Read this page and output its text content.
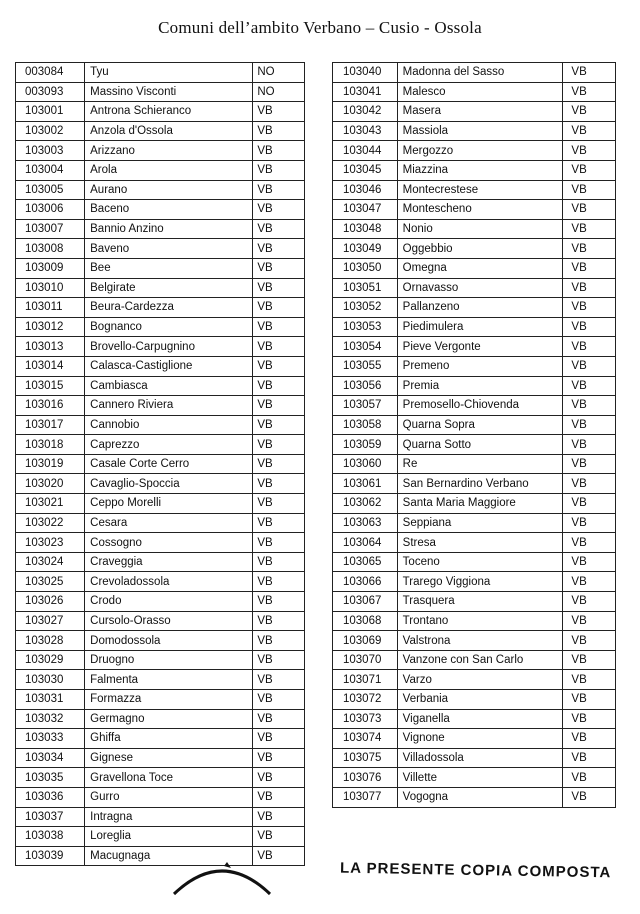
Comuni dell’ambito Verbano – Cusio - Ossola
003084	Tyu	NO
003093	Massino Visconti	NO
103001	Antrona Schieranco	VB
103002	Anzola d'Ossola	VB
103003	Arizzano	VB
103004	Arola	VB
103005	Aurano	VB
103006	Baceno	VB
103007	Bannio Anzino	VB
103008	Baveno	VB
103009	Bee	VB
103010	Belgirate	VB
103011	Beura-Cardezza	VB
103012	Bognanco	VB
103013	Brovello-Carpugnino	VB
103014	Calasca-Castiglione	VB
103015	Cambiasca	VB
103016	Cannero Riviera	VB
103017	Cannobio	VB
103018	Caprezzo	VB
103019	Casale Corte Cerro	VB
103020	Cavaglio-Spoccia	VB
103021	Ceppo Morelli	VB
103022	Cesara	VB
103023	Cossogno	VB
103024	Craveggia	VB
103025	Crevoladossola	VB
103026	Crodo	VB
103027	Cursolo-Orasso	VB
103028	Domodossola	VB
103029	Druogno	VB
103030	Falmenta	VB
103031	Formazza	VB
103032	Germagno	VB
103033	Ghiffa	VB
103034	Gignese	VB
103035	Gravellona Toce	VB
103036	Gurro	VB
103037	Intragna	VB
103038	Loreglia	VB
103039	Macugnaga	VB
103040	Madonna del Sasso	VB
103041	Malesco	VB
103042	Masera	VB
103043	Massiola	VB
103044	Mergozzo	VB
103045	Miazzina	VB
103046	Montecrestese	VB
103047	Montescheno	VB
103048	Nonio	VB
103049	Oggebbio	VB
103050	Omegna	VB
103051	Ornavasso	VB
103052	Pallanzeno	VB
103053	Piedimulera	VB
103054	Pieve Vergonte	VB
103055	Premeno	VB
103056	Premia	VB
103057	Premosello-Chiovenda	VB
103058	Quarna Sopra	VB
103059	Quarna Sotto	VB
103060	Re	VB
103061	San Bernardino Verbano	VB
103062	Santa Maria Maggiore	VB
103063	Seppiana	VB
103064	Stresa	VB
103065	Toceno	VB
103066	Trarego Viggiona	VB
103067	Trasquera	VB
103068	Trontano	VB
103069	Valstrona	VB
103070	Vanzone con San Carlo	VB
103071	Varzo	VB
103072	Verbania	VB
103073	Viganella	VB
103074	Vignone	VB
103075	Villadossola	VB
103076	Villette	VB
103077	Vogogna	VB
LA PRESENTE COPIA COMPOSTA
